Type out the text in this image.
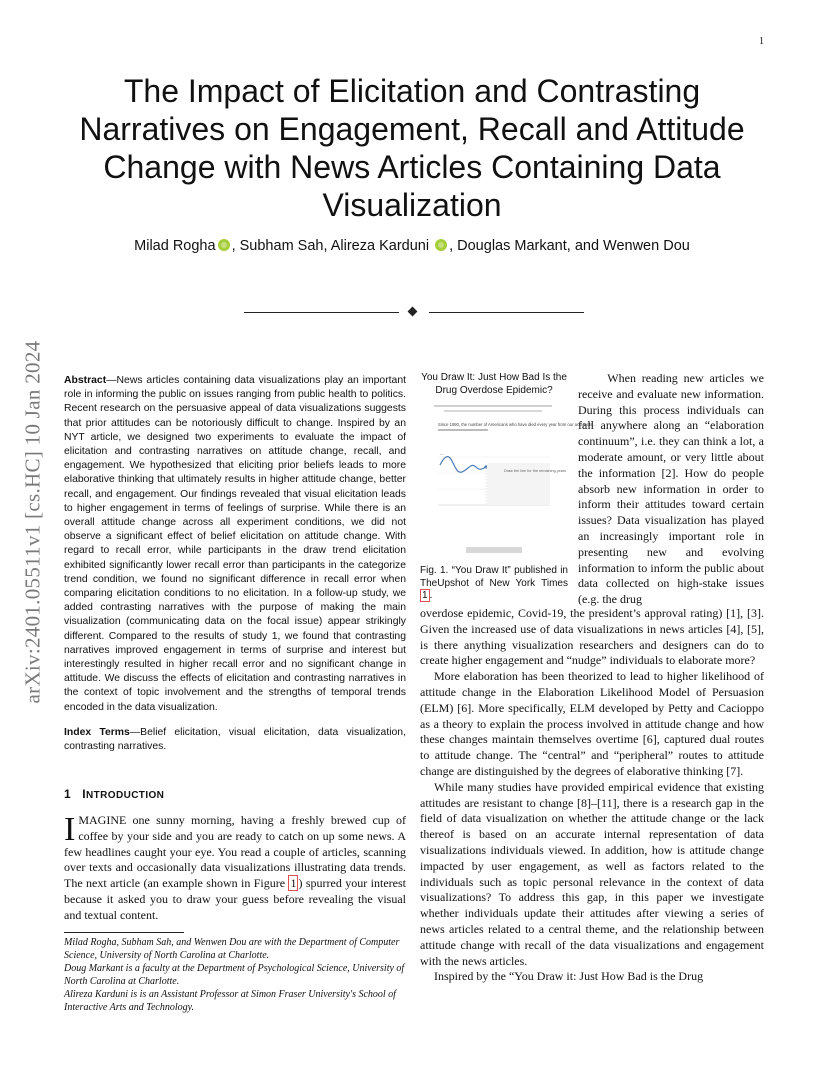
1
arXiv:2401.05511v1 [cs.HC] 10 Jan 2024
The Impact of Elicitation and Contrasting Narratives on Engagement, Recall and Attitude Change with News Articles Containing Data Visualization
Milad Rogha , Subham Sah, Alireza Karduni , Douglas Markant, and Wenwen Dou

Abstract—News articles containing data visualizations play an important role in informing the public on issues ranging from public health to politics. Recent research on the persuasive appeal of data visualizations suggests that prior attitudes can be notoriously difficult to change. Inspired by an NYT article, we designed two experiments to evaluate the impact of elicitation and contrasting narratives on attitude change, recall, and engagement. We hypothesized that eliciting prior beliefs leads to more elaborative thinking that ultimately results in higher attitude change, better recall, and engagement. Our findings revealed that visual elicitation leads to higher engagement in terms of feelings of surprise. While there is an overall attitude change across all experiment conditions, we did not observe a significant effect of belief elicitation on attitude change. With regard to recall error, while participants in the draw trend elicitation exhibited significantly lower recall error than participants in the categorize trend condition, we found no significant difference in recall error when comparing elicitation conditions to no elicitation. In a follow-up study, we added contrasting narratives with the purpose of making the main visualization (communicating data on the focal issue) appear strikingly different. Compared to the results of study 1, we found that contrasting narratives improved engagement in terms of surprise and interest but interestingly resulted in higher recall error and no significant change in attitude. We discuss the effects of elicitation and contrasting narratives in the context of topic involvement and the strengths of temporal trends encoded in the data visualization.

Index Terms—Belief elicitation, visual elicitation, data visualization, contrasting narratives.

1 INTRODUCTION

IMAGINE one sunny morning, having a freshly brewed cup of coffee by your side and you are ready to catch on up some news. A few headlines caught your eye. You read a couple of articles, scanning over texts and occasionally data visualizations illustrating data trends. The next article (an example shown in Figure 1 ) spurred your interest because it asked you to draw your guess before revealing the visual and textual content.

Milad Rogha, Subham Sah, and Wenwen Dou are with the Department of Computer Science, University of North Carolina at Charlotte.

Doug Markant is a faculty at the Department of Psychological Science, University of North Carolina at Charlotte.

Alireza Karduni is is an Assistant Professor at Simon Fraser University's School of Interactive Arts and Technology.

You Draw It: Just How Bad Is the Drug Overdose Epidemic?

Since 1990, the number of Americans who have died every year from our accidents...
Draw the line for the remaining years
—
Fig. 1. “You Draw It” published in TheUpshot of New York Times 1 .

When reading new articles we receive and evaluate new information. During this process individuals can fall anywhere along an “elaboration continuum”, i.e. they can think a lot, a moderate amount, or very little about the information [2]. How do people absorb new information in order to inform their attitudes toward certain issues? Data visualization has played an increasingly important role in presenting new and evolving information to inform the public about data collected on high-stake issues (e.g. the drug

overdose epidemic, Covid-19, the president’s approval rating) [1], [3]. Given the increased use of data visualizations in news articles [4], [5], is there anything visualization researchers and designers can do to create higher engagement and “nudge” individuals to elaborate more?

More elaboration has been theorized to lead to higher likelihood of attitude change in the Elaboration Likelihood Model of Persuasion (ELM) [6]. More specifically, ELM developed by Petty and Cacioppo as a theory to explain the process involved in attitude change and how these changes maintain themselves overtime [6], captured dual routes to attitude change. The “central” and “peripheral” routes to attitude change are distinguished by the degrees of elaborative thinking [7].

While many studies have provided empirical evidence that existing attitudes are resistant to change [8]–[11], there is a research gap in the field of data visualization on whether the attitude change or the lack thereof is based on an accurate internal representation of data visualizations individuals viewed. In addition, how is attitude change impacted by user engagement, as well as factors related to the individuals such as topic personal relevance in the context of data visualizations? To address this gap, in this paper we investigate whether individuals update their attitudes after viewing a series of news articles related to a central theme, and the relationship between attitude change with recall of the data visualizations and engagement with the news articles.

Inspired by the “You Draw it: Just How Bad is the Drug
